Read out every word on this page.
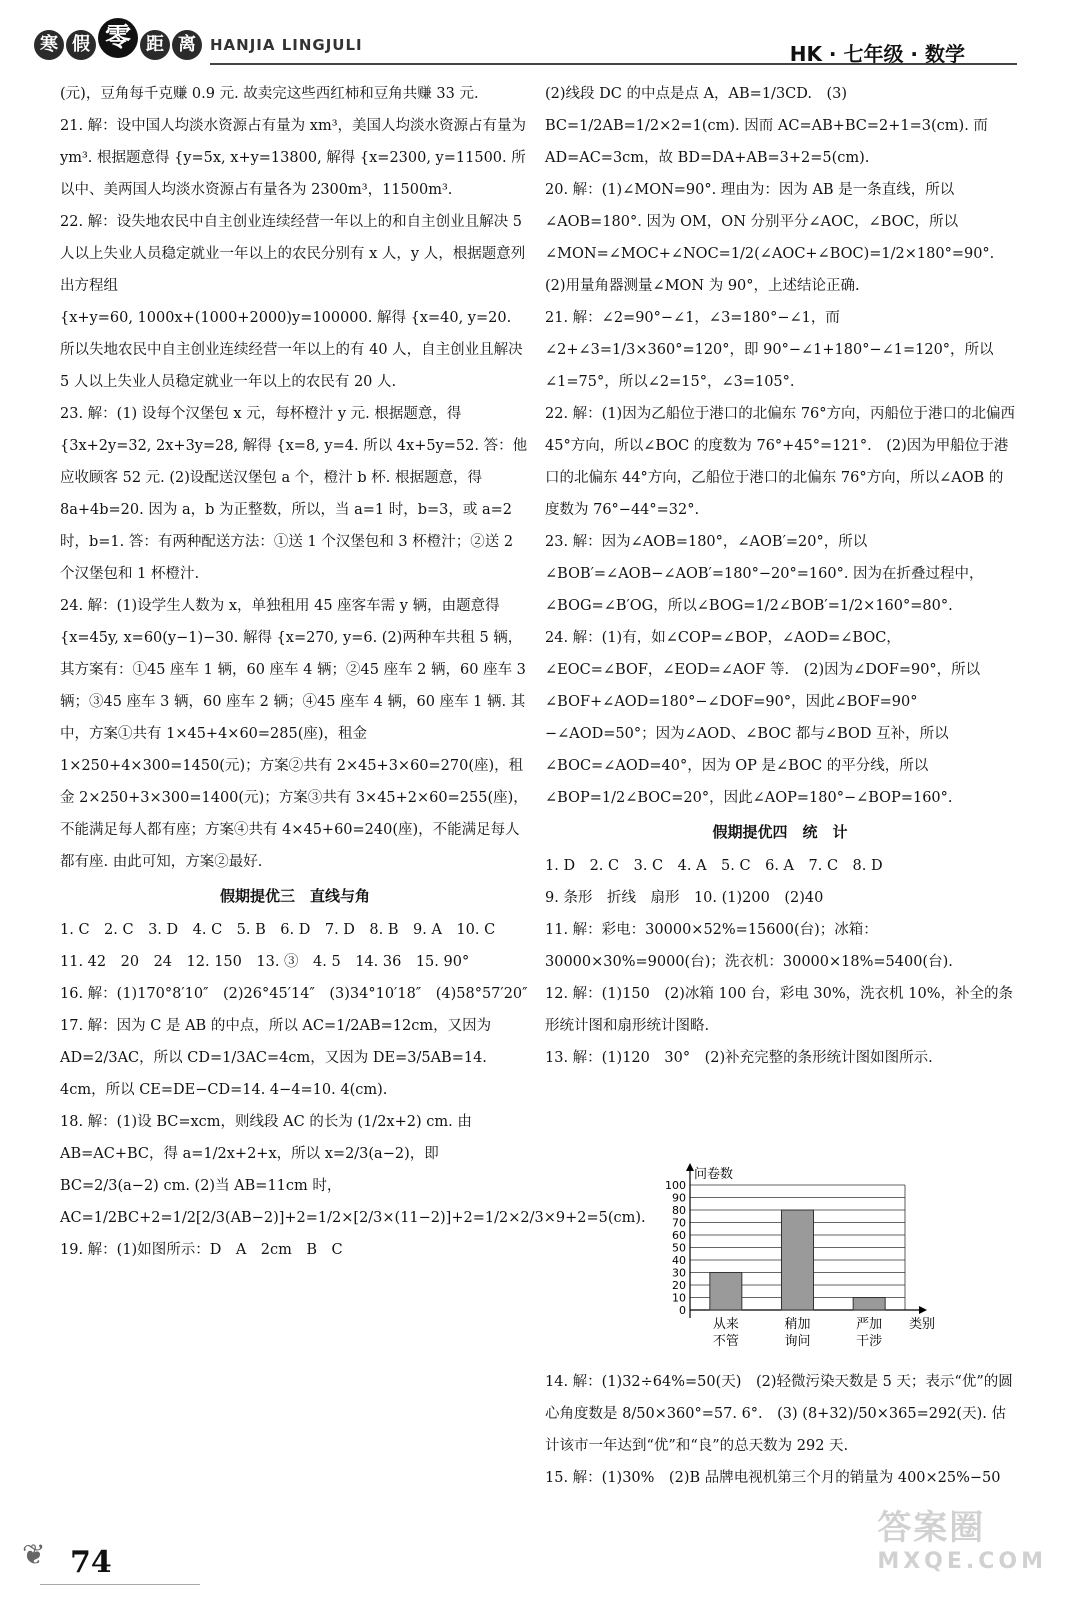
寒 假 零 距 离 HANJIA LINGJULI	HK · 七年级 · 数学

(元)，豆角每千克赚 0.9 元. 故卖完这些西红柿和豆角共赚 33 元.

21. 解：设中国人均淡水资源占有量为 xm³，美国人均淡水资源占有量为 ym³. 根据题意得 {y=5x, x+y=13800, 解得 {x=2300, y=11500. 所以中、美两国人均淡水资源占有量各为 2300m³，11500m³.

22. 解：设失地农民中自主创业连续经营一年以上的和自主创业且解决 5 人以上失业人员稳定就业一年以上的农民分别有 x 人，y 人，根据题意列出方程组

{x+y=60, 1000x+(1000+2000)y=100000. 解得 {x=40, y=20. 所以失地农民中自主创业连续经营一年以上的有 40 人，自主创业且解决 5 人以上失业人员稳定就业一年以上的农民有 20 人.

23. 解：(1) 设每个汉堡包 x 元，每杯橙汁 y 元. 根据题意，得 {3x+2y=32, 2x+3y=28, 解得 {x=8, y=4. 所以 4x+5y=52. 答：他应收顾客 52 元. (2)设配送汉堡包 a 个，橙汁 b 杯. 根据题意，得 8a+4b=20. 因为 a，b 为正整数，所以，当 a=1 时，b=3，或 a=2 时，b=1. 答：有两种配送方法：①送 1 个汉堡包和 3 杯橙汁；②送 2 个汉堡包和 1 杯橙汁.

24. 解：(1)设学生人数为 x，单独租用 45 座客车需 y 辆，由题意得 {x=45y, x=60(y−1)−30. 解得 {x=270, y=6. (2)两种车共租 5 辆，其方案有：①45 座车 1 辆，60 座车 4 辆；②45 座车 2 辆，60 座车 3 辆；③45 座车 3 辆，60 座车 2 辆；④45 座车 4 辆，60 座车 1 辆. 其中，方案①共有 1×45+4×60=285(座)，租金 1×250+4×300=1450(元)；方案②共有 2×45+3×60=270(座)，租金 2×250+3×300=1400(元)；方案③共有 3×45+2×60=255(座)，不能满足每人都有座；方案④共有 4×45+60=240(座)，不能满足每人都有座. 由此可知，方案②最好.

假期提优三　直线与角

1. C　2. C　3. D　4. C　5. B　6. D　7. D　8. B　9. A　10. C

11. 42　20　24　12. 150　13. ③　4. 5　14. 36　15. 90°

16. 解：(1)170°8′10″　(2)26°45′14″　(3)34°10′18″　(4)58°57′20″

17. 解：因为 C 是 AB 的中点，所以 AC=1/2AB=12cm，又因为 AD=2/3AC，所以 CD=1/3AC=4cm，又因为 DE=3/5AB=14. 4cm，所以 CE=DE−CD=14. 4−4=10. 4(cm).

18. 解：(1)设 BC=xcm，则线段 AC 的长为 (1/2x+2) cm. 由 AB=AC+BC，得 a=1/2x+2+x，所以 x=2/3(a−2)，即 BC=2/3(a−2) cm. (2)当 AB=11cm 时，AC=1/2BC+2=1/2[2/3(AB−2)]+2=1/2×[2/3×(11−2)]+2=1/2×2/3×9+2=5(cm).

19. 解：(1)如图所示：D　A　2cm　B　C

(2)线段 DC 的中点是点 A，AB=1/3CD.　(3) BC=1/2AB=1/2×2=1(cm). 因而 AC=AB+BC=2+1=3(cm). 而 AD=AC=3cm，故 BD=DA+AB=3+2=5(cm).

20. 解：(1)∠MON=90°. 理由为：因为 AB 是一条直线，所以∠AOB=180°. 因为 OM，ON 分别平分∠AOC，∠BOC，所以∠MON=∠MOC+∠NOC=1/2(∠AOC+∠BOC)=1/2×180°=90°.

(2)用量角器测量∠MON 为 90°，上述结论正确.

21. 解：∠2=90°−∠1，∠3=180°−∠1，而∠2+∠3=1/3×360°=120°，即 90°−∠1+180°−∠1=120°，所以∠1=75°，所以∠2=15°，∠3=105°.

22. 解：(1)因为乙船位于港口的北偏东 76°方向，丙船位于港口的北偏西 45°方向，所以∠BOC 的度数为 76°+45°=121°.　(2)因为甲船位于港口的北偏东 44°方向，乙船位于港口的北偏东 76°方向，所以∠AOB 的度数为 76°−44°=32°.

23. 解：因为∠AOB=180°，∠AOB′=20°，所以∠BOB′=∠AOB−∠AOB′=180°−20°=160°. 因为在折叠过程中，∠BOG=∠B′OG，所以∠BOG=1/2∠BOB′=1/2×160°=80°.

24. 解：(1)有，如∠COP=∠BOP，∠AOD=∠BOC，∠EOC=∠BOF，∠EOD=∠AOF 等.　(2)因为∠DOF=90°，所以∠BOF+∠AOD=180°−∠DOF=90°，因此∠BOF=90°−∠AOD=50°；因为∠AOD、∠BOC 都与∠BOD 互补，所以∠BOC=∠AOD=40°，因为 OP 是∠BOC 的平分线，所以∠BOP=1/2∠BOC=20°，因此∠AOP=180°−∠BOP=160°.

假期提优四　统　计

1. D　2. C　3. C　4. A　5. C　6. A　7. C　8. D

9. 条形　折线　扇形　10. (1)200　(2)40

11. 解：彩电：30000×52%=15600(台)；冰箱：30000×30%=9000(台)；洗衣机：30000×18%=5400(台).

12. 解：(1)150　(2)冰箱 100 台，彩电 30%，洗衣机 10%，补全的条形统计图和扇形统计图略.

13. 解：(1)120　30°　(2)补充完整的条形统计图如图所示.

14. 解：(1)32÷64%=50(天)　(2)轻微污染天数是 5 天；表示“优”的圆心角度数是 8/50×360°=57. 6°.　(3) (8+32)/50×365=292(天). 估计该市一年达到“优”和“良”的总天数为 292 天.

15. 解：(1)30%　(2)B 品牌电视机第三个月的销量为 400×25%−50

0
10
20
30
40
50
60
70
80
90
100
问卷数
类别
从来
不管
稍加
询问
严加
干涉
❦ 74
答案圈
MXQE.COM
